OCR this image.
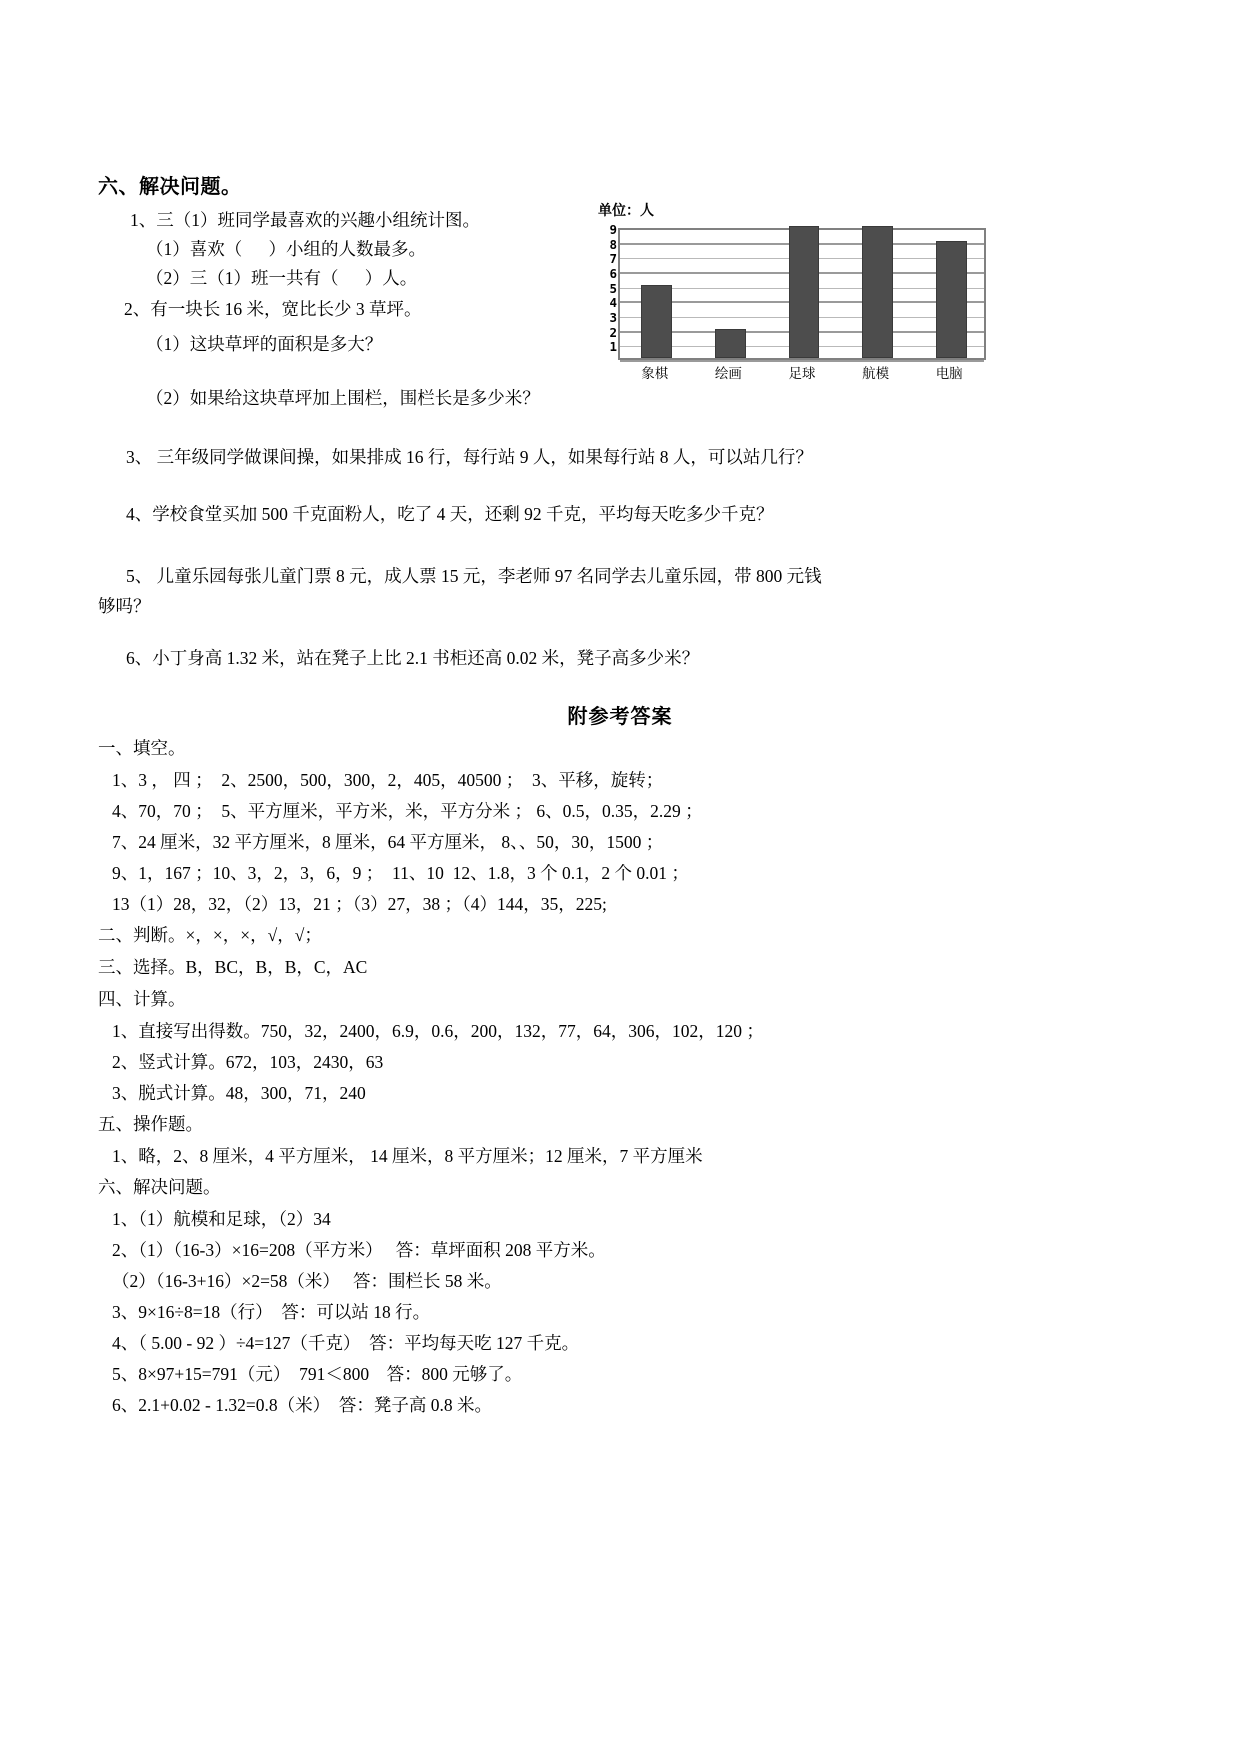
六、解决问题。
1、三（1）班同学最喜欢的兴趣小组统计图。
（1）喜欢（      ）小组的人数最多。
（2）三（1）班一共有（      ）人。
2、有一块长 16 米，宽比长少 3 草坪。
（1）这块草坪的面积是多大？
（2）如果给这块草坪加上围栏，围栏长是多少米？
3、 三年级同学做课间操，如果排成 16 行，每行站 9 人，如果每行站 8 人，可以站几行？
4、学校食堂买加 500 千克面粉人，吃了 4 天，还剩 92 千克，平均每天吃多少千克？
5、 儿童乐园每张儿童门票 8 元，成人票 15 元，李老师 97 名同学去儿童乐园，带 800 元钱
够吗？
6、小丁身高 1.32 米，站在凳子上比 2.1 书柜还高 0.02 米，凳子高多少米？
单位：人
9
8
7
6
5
4
3
2
1
象棋	绘画	足球	航模	电脑
附参考答案
一、填空。
1、3 ， 四 ；  2、2500，500，300，2，405，40500 ；  3、平移，旋转；
4、70，70 ；  5、平方厘米，平方米，米，平方分米 ； 6、0.5，0.35，2.29 ；
7、24 厘米，32 平方厘米，8 厘米，64 平方厘米， 8、、50，30，1500 ；
9、1，167 ；10、3，2，3，6，9 ；  11、10  12、1.8，3 个 0.1，2 个 0.01 ；
13（1）28，32，（2）13，21 ；（3）27，38 ；（4）144，35，225;
二、判断。×，×，×，√，√；
三、选择。B，BC，B，B，C，AC
四、计算。
1、直接写出得数。750，32，2400，6.9，0.6，200，132，77，64，306，102，120 ；
2、竖式计算。672，103，2430，63
3、脱式计算。48，300，71，240
五、操作题。
1、略，2、8 厘米，4 平方厘米， 14 厘米，8 平方厘米；12 厘米，7 平方厘米
六、解决问题。
1、（1）航模和足球，（2）34
2、（1）（16-3）×16=208（平方米）   答：草坪面积 208 平方米。
（2）（16-3+16）×2=58（米）   答：围栏长 58 米。
3、9×16÷8=18（行）  答：可以站 18 行。
4、（ 5.00 - 92 ）÷4=127（千克）  答：平均每天吃 127 千克。
5、8×97+15=791（元）  791＜800    答：800 元够了。
6、2.1+0.02 - 1.32=0.8（米）  答：凳子高 0.8 米。
